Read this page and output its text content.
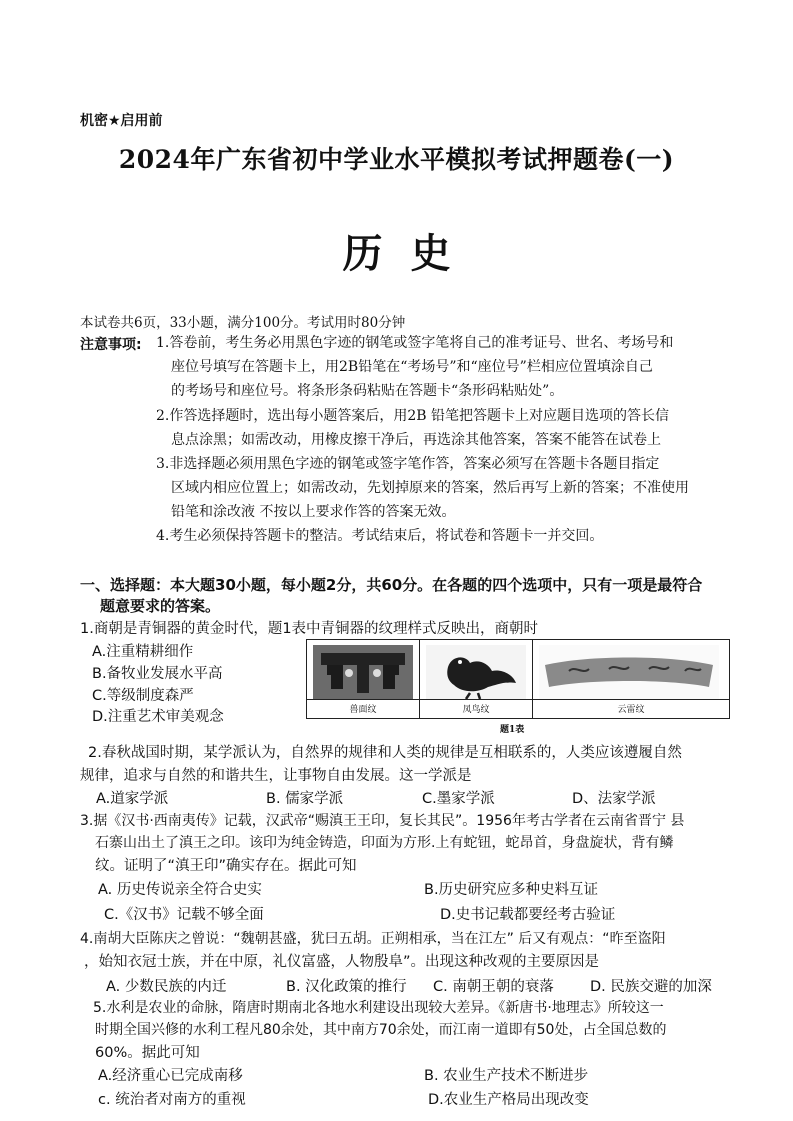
机密★启用前
2024年广东省初中学业水平模拟考试押题卷(一)
历史
本试卷共6页，33小题，满分100分。考试用时80分钟
注意事项: 1.答卷前，考生务必用黑色字迹的钢笔或签字笔将自己的准考证号、世名、考场号和
座位号填写在答题卡上，用2B铅笔在“考场号”和“座位号”栏相应位置填涂自己
的考场号和座位号。将条形条码粘贴在答题卡“条形码粘贴处”。
2.作答选择题时，选出每小题答案后，用2B 铅笔把答题卡上对应题目选项的答长信
息点涂黑；如需改动，用橡皮擦干净后，再选涂其他答案，答案不能答在试卷上
3.非选择题必须用黑色字迹的钢笔或签字笔作答，答案必须写在答题卡各题目指定
区域内相应位置上；如需改动，先划掉原来的答案，然后再写上新的答案；不准使用
铅笔和涂改液 不按以上要求作答的答案无效。
4.考生必须保持答题卡的整洁。考试结束后，将试卷和答题卡一并交回。
一、选择题：本大题30小题，每小题2分，共60分。在各题的四个选项中，只有一项是最符合
题意要求的答案。
1.商朝是青铜器的黄金时代，题1表中青铜器的纹理样式反映出，商朝时
A.注重精耕细作
B.备牧业发展水平高
C.等级制度森严
D.注重艺术审美观念	兽面纹	凤鸟纹	云雷纹
题1表
2.春秋战国时期，某学派认为，自然界的规律和人类的规律是互相联系的，人类应该遵履自然
规律，追求与自然的和谐共生，让事物自由发展。这一学派是
A.道家学派	B. 儒家学派	C.墨家学派	D、法家学派
3.据《汉书·西南夷传》记载，汉武帝“赐滇王王印，复长其民”。1956年考古学者在云南省晋宁 县
石寨山出土了滇王之印。该印为纯金铸造，印面为方形.上有蛇钮，蛇昂首，身盘旋状，背有鳞
纹。证明了“滇王印”确实存在。据此可知
A. 历史传说亲全符合史实	B.历史研究应多种史料互证
C.《汉书》记载不够全面	D.史书记载都要经考古验证
4.南胡大臣陈庆之曾说：“魏朝甚盛，犹曰五胡。正朔相承，当在江左” 后又有观点：“昨至盗阳
，始知衣冠士族，并在中原，礼仪富盛，人物殷阜”。出现这种改观的主要原因是
A. 少数民族的内迁	B. 汉化政策的推行 C. 南朝王朝的衰落 D. 民族交避的加深
5.水利是农业的命脉，隋唐时期南北各地水利建设出现较大差异。《新唐书·地理志》所较这一
时期全国兴修的水利工程凡80余处，其中南方70余处，而江南一道即有50处，占全国总数的
60%。据此可知
A.经济重心已完成南移	B. 农业生产技术不断进步
c. 统治者对南方的重视	D.农业生产格局出现改变
